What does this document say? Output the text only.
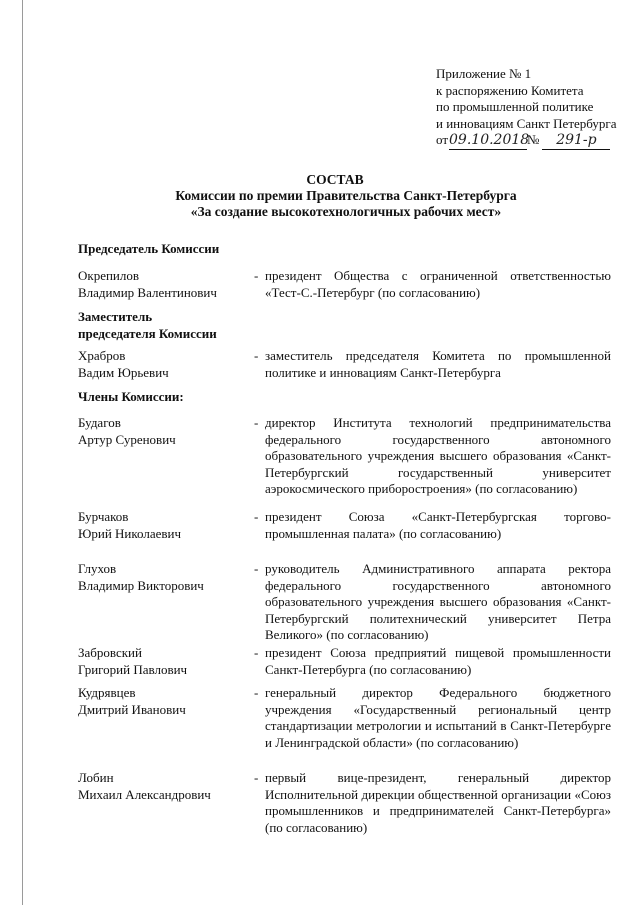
Приложение № 1
к распоряжению Комитета
по промышленной политике
и инновациям Санкт Петербурга
от09.10.2018№ 291-р
СОСТАВ
Комиссии по премии Правительства Санкт-Петербурга
«За создание высокотехнологичных рабочих мест»
Председатель Комиссии
Окрепилов
Владимир Валентинович
- президент Общества с ограниченной ответственностью «Тест-С.-Петербург (по согласованию)
Заместитель
председателя Комиссии
Храбров
Вадим Юрьевич
- заместитель председателя Комитета по промышленной политике и инновациям Санкт-Петербурга
Члены Комиссии:
Будагов
Артур Суренович
- директор Института технологий предпринимательства федерального государственного автономного образовательного учреждения высшего образования «Санкт-Петербургский государственный университет аэрокосмического приборостроения» (по согласованию)
Бурчаков
Юрий Николаевич
- президент Союза «Санкт-Петербургская торгово-промышленная палата» (по согласованию)
Глухов
Владимир Викторович
- руководитель Административного аппарата ректора федерального государственного автономного образовательного учреждения высшего образования «Санкт-Петербургский политехнический университет Петра Великого» (по согласованию)
Забровский
Григорий Павлович
- президент Союза предприятий пищевой промышленности Санкт-Петербурга (по согласованию)
Кудрявцев
Дмитрий Иванович
- генеральный директор Федерального бюджетного учреждения «Государственный региональный центр стандартизации метрологии и испытаний в Санкт-Петербурге и Ленинградской области» (по согласованию)
Лобин
Михаил Александрович
- первый вице-президент, генеральный директор Исполнительной дирекции общественной организации «Союз промышленников и предпринимателей Санкт-Петербурга» (по согласованию)
